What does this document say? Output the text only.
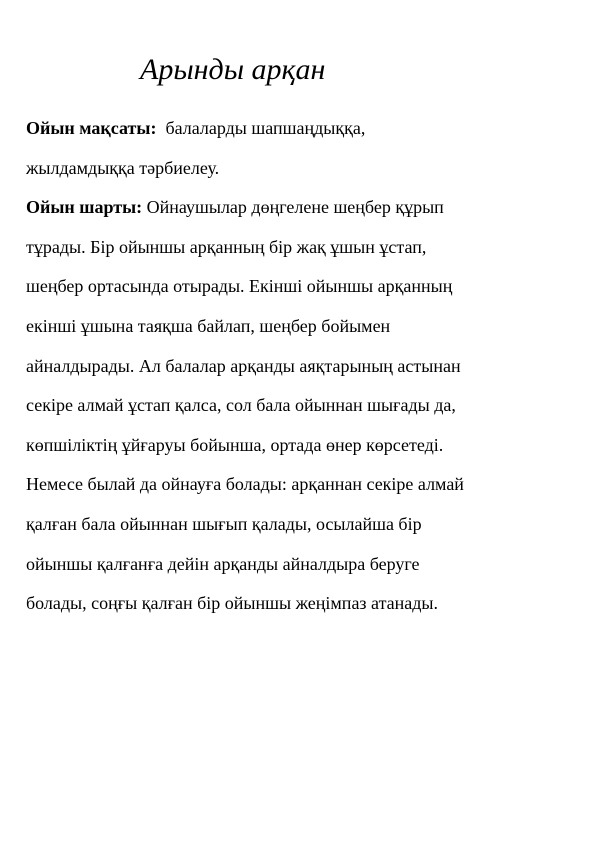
Арынды арқан
Ойын мақсаты: балаларды шапшаңдыққа,
жылдамдыққа тәрбиелеу.
Ойын шарты: Ойнаушылар дөңгелене шеңбер құрып
тұрады. Бір ойыншы арқанның бір жақ ұшын ұстап,
шеңбер ортасында отырады. Екінші ойыншы арқанның
екінші ұшына таяқша байлап, шеңбер бойымен
айналдырады. Ал балалар арқанды аяқтарының астынан
секіре алмай ұстап қалса, сол бала ойыннан шығады да,
көпшіліктің ұйғаруы бойынша, ортада өнер көрсетеді.
Немесе былай да ойнауға болады: арқаннан секіре алмай
қалған бала ойыннан шығып қалады, осылайша бір
ойыншы қалғанға дейін арқанды айналдыра беруге
болады, соңғы қалған бір ойыншы жеңімпаз атанады.
